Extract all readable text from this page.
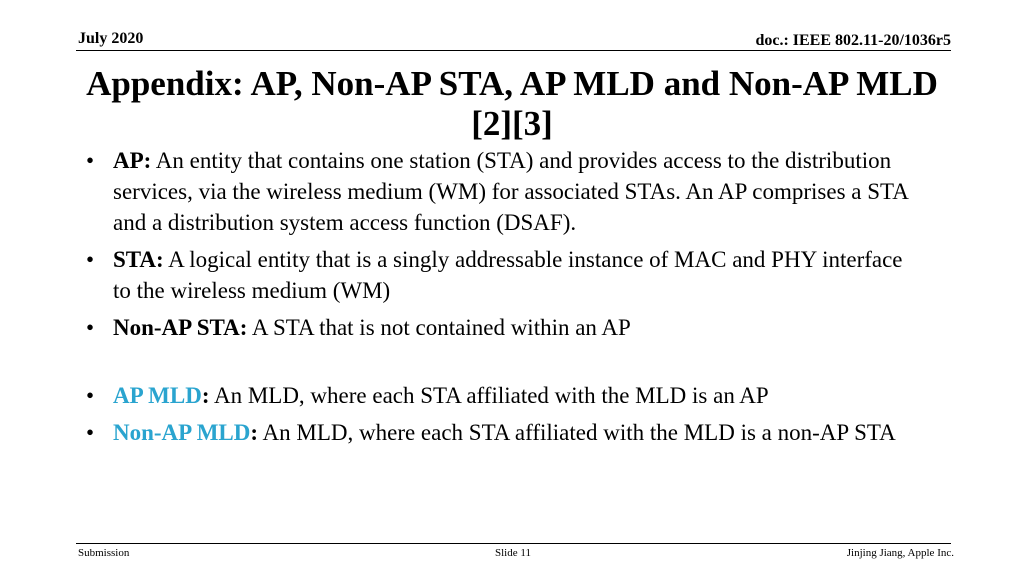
July 2020	doc.: IEEE 802.11-20/1036r5
Appendix: AP, Non-AP STA, AP MLD and Non-AP MLD
[2][3]
• AP: An entity that contains one station (STA) and provides access to the distribution services, via the wireless medium (WM) for associated STAs. An AP comprises a STA and a distribution system access function (DSAF).
• STA: A logical entity that is a singly addressable instance of MAC and PHY interface to the wireless medium (WM)
• Non-AP STA: A STA that is not contained within an AP
• AP MLD: An MLD, where each STA affiliated with the MLD is an AP
• Non-AP MLD: An MLD, where each STA affiliated with the MLD is a non-AP STA
Submission	Slide 11	Jinjing Jiang, Apple Inc.
